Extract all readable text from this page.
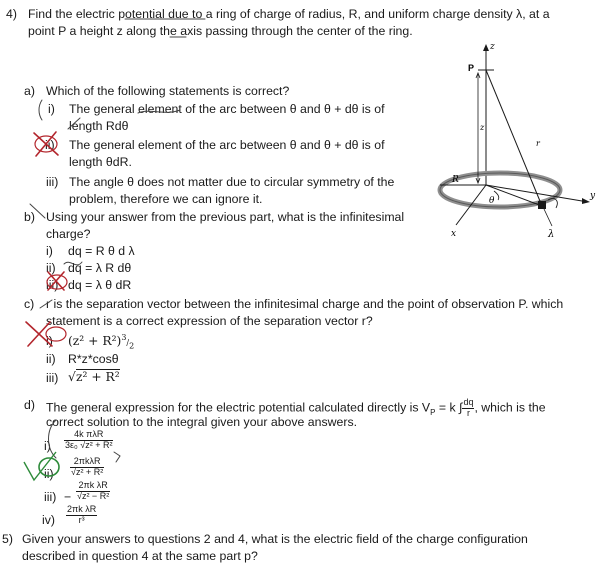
4) Find the electric potential due to a ring of charge of radius, R, and uniform charge density λ, at a
point P a height z along the axis passing through the center of the ring.
a) Which of the following statements is correct?
i) The general element of the arc between θ and θ + dθ is of
length Rdθ
ii) The general element of the arc between θ and θ + dθ is of
length θdR.
iii) The angle θ does not matter due to circular symmetry of the
problem, therefore we can ignore it.
b) Using your answer from the previous part, what is the infinitesimal
charge?
i) dq = R θ d λ
ii) dq = λ R dθ
iii) dq = λ θ dR
c) r is the separation vector between the infinitesimal charge and the point of observation P. which
statement is a correct expression of the separation vector r?
i) $(z^2 + R^2)^3/_2$
ii) R*z*cosθ
iii) √z² + R²
d) The general expression for the electric potential calculated directly is $V_P = k$ ∫ $\frac{dq}{r}$ , which is the
correct solution to the integral given your above answers.
i)
4k πλR
3ε₀ √z² + R²
ii)
2πkλR
√z² + R²
$iii) - \frac{\text{2πk λR}}{\text{√z² − R²}}$
$iv) \frac{\text{2πk λR}}{\text{r³}}$
5) Given your answers to questions 2 and 4, what is the electric field of the charge configuration
described in question 4 at the same part p?
z
P
z
r
R
θ
x
y
λ
